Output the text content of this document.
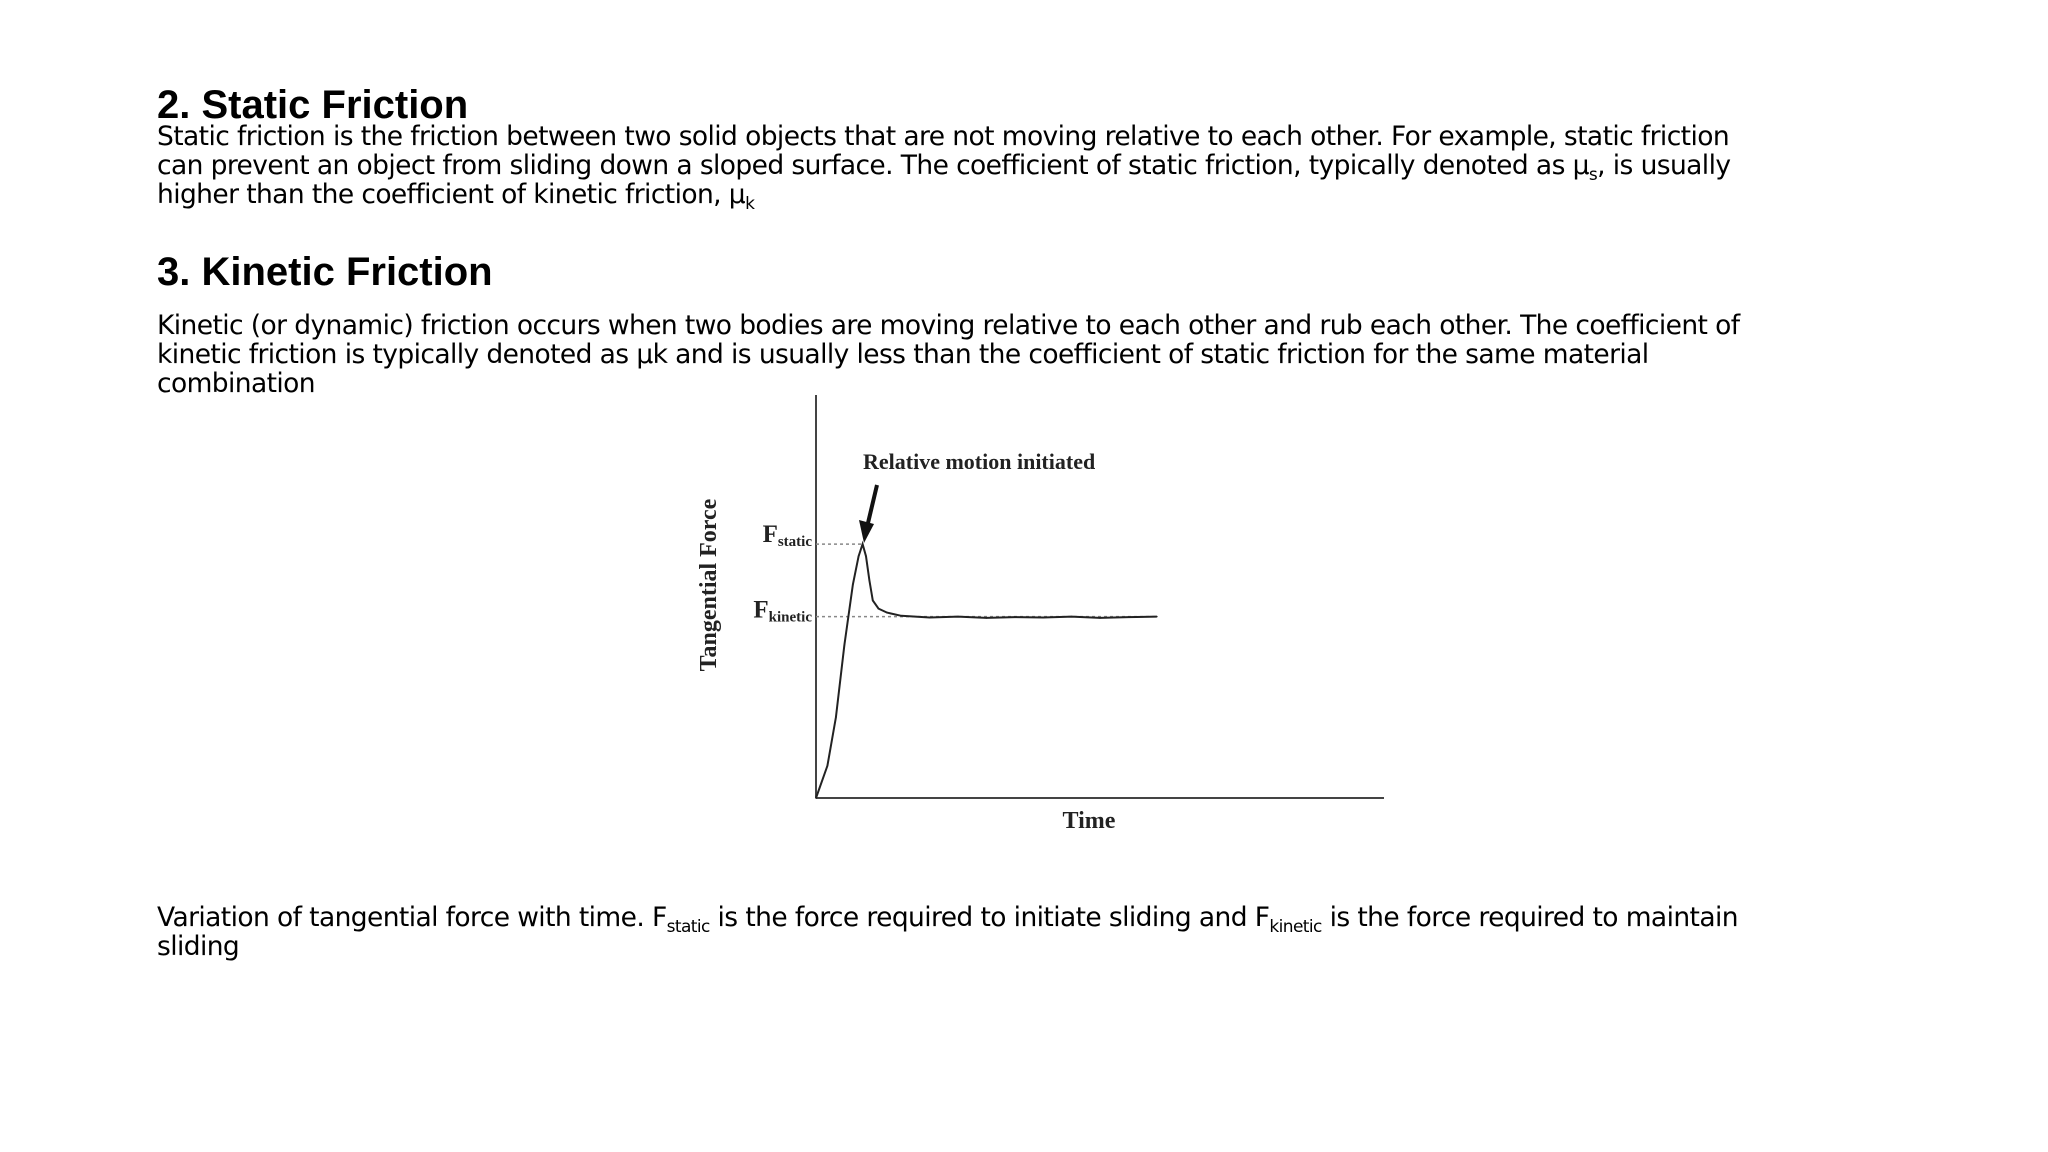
2. Static Friction

Static friction is the friction between two solid objects that are not moving relative to each other. For example, static friction
can prevent an object from sliding down a sloped surface. The coefficient of static friction, typically denoted as $\mu_s$, is usually
higher than the coefficient of kinetic friction, $\mu_k$

3. Kinetic Friction

Kinetic (or dynamic) friction occurs when two bodies are moving relative to each other and rub each other. The coefficient of
kinetic friction is typically denoted as μk and is usually less than the coefficient of static friction for the same material
combination

Fstatic
Fkinetic
Relative motion initiated
Time
Tangential Force

Variation of tangential force with time. $F_{static}$ is the force required to initiate sliding and $F_{kinetic}$ is the force required to maintain
sliding
